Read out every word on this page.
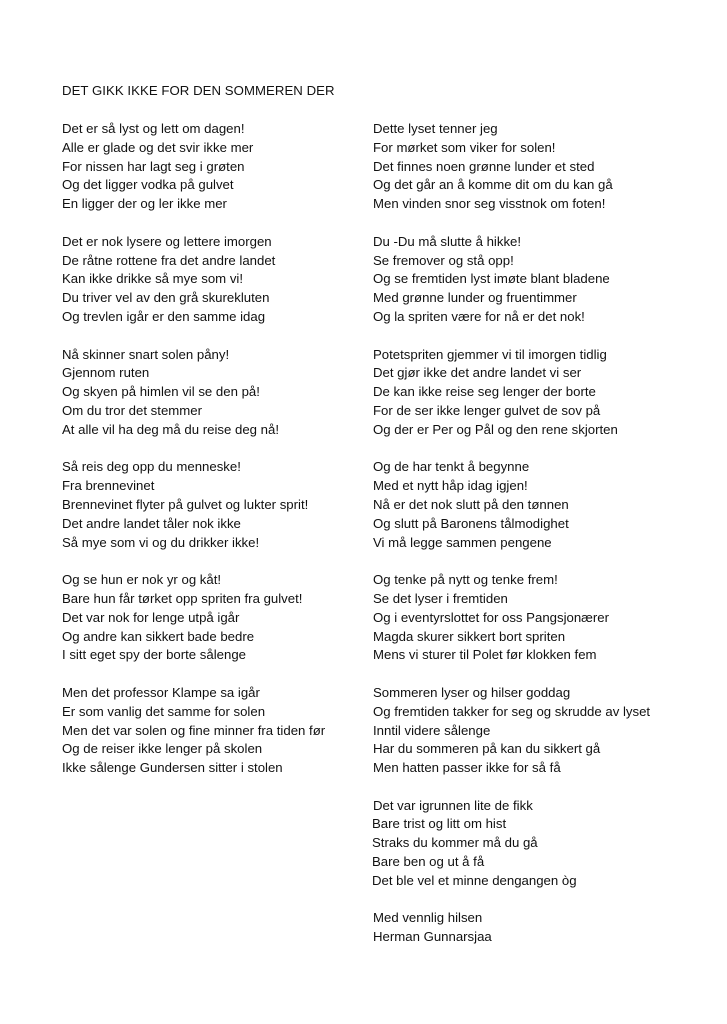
DET GIKK IKKE FOR DEN SOMMEREN DER
Det er så lyst og lett om dagen!
Alle er glade og det svir ikke mer
For nissen har lagt seg i grøten
Og det ligger vodka på gulvet
En ligger der og ler ikke mer
Det er nok lysere og lettere imorgen
De råtne rottene fra det andre landet
Kan ikke drikke så mye som vi!
Du triver vel av den grå skurekluten
Og trevlen igår er den samme idag
Nå skinner snart solen pånу!
Gjennom ruten
Og skyen på himlen vil se den på!
Om du tror det stemmer
At alle vil ha deg må du reise deg nå!
Så reis deg opp du menneske!
Fra brennevinet
Brennevinet flyter på gulvet og lukter sprit!
Det andre landet tåler nok ikke
Så mye som vi og du drikker ikke!
Og se hun er nok yr og kåt!
Bare hun får tørket opp spriten fra gulvet!
Det var nok for lenge utpå igår
Og andre kan sikkert bade bedre
I sitt eget spy der borte sålenge
Men det professor Klampe sa igår
Er som vanlig det samme for solen
Men det var solen og fine minner fra tiden før
Og de reiser ikke lenger på skolen
Ikke sålenge Gundersen sitter i stolen
Dette lyset tenner jeg
For mørket som viker for solen!
Det finnes noen grønne lunder et sted
Og det går an å komme dit om du kan gå
Men vinden snor seg visstnok om foten!
Du -Du må slutte å hikke!
Se fremover og stå opp!
Og se fremtiden lyst imøte blant bladene
Med grønne lunder og fruentimmer
Og la spriten være for nå er det nok!
Potetspriten gjemmer vi til imorgen tidlig
Det gjør ikke det andre landet vi ser
De kan ikke reise seg lenger der borte
For de ser ikke lenger gulvet de sov på
Og der er Per og Pål og den rene skjorten
Og de har tenkt å begynne
Med et nytt håp idag igjen!
Nå er det nok slutt på den tønnen
Og slutt på Baronens tålmodighet
Vi må legge sammen pengene
Og tenke på nytt og tenke frem!
Se det lyser i fremtiden
Og i eventyrslottet for oss Pangsjonærer
Magda skurer sikkert bort spriten
Mens vi sturer til Polet før klokken fem
Sommeren lyser og hilser goddag
Og fremtiden takker for seg og skrudde av lyset
Inntil videre sålenge
Har du sommeren på kan du sikkert gå
Men hatten passer ikke for så få
Det var igrunnen lite de fikk
Bare trist og litt om hist
Straks du kommer må du gå
Bare ben og ut å få
Det ble vel et minne dengangen òg
Med vennlig hilsen
Herman Gunnarsjaa
